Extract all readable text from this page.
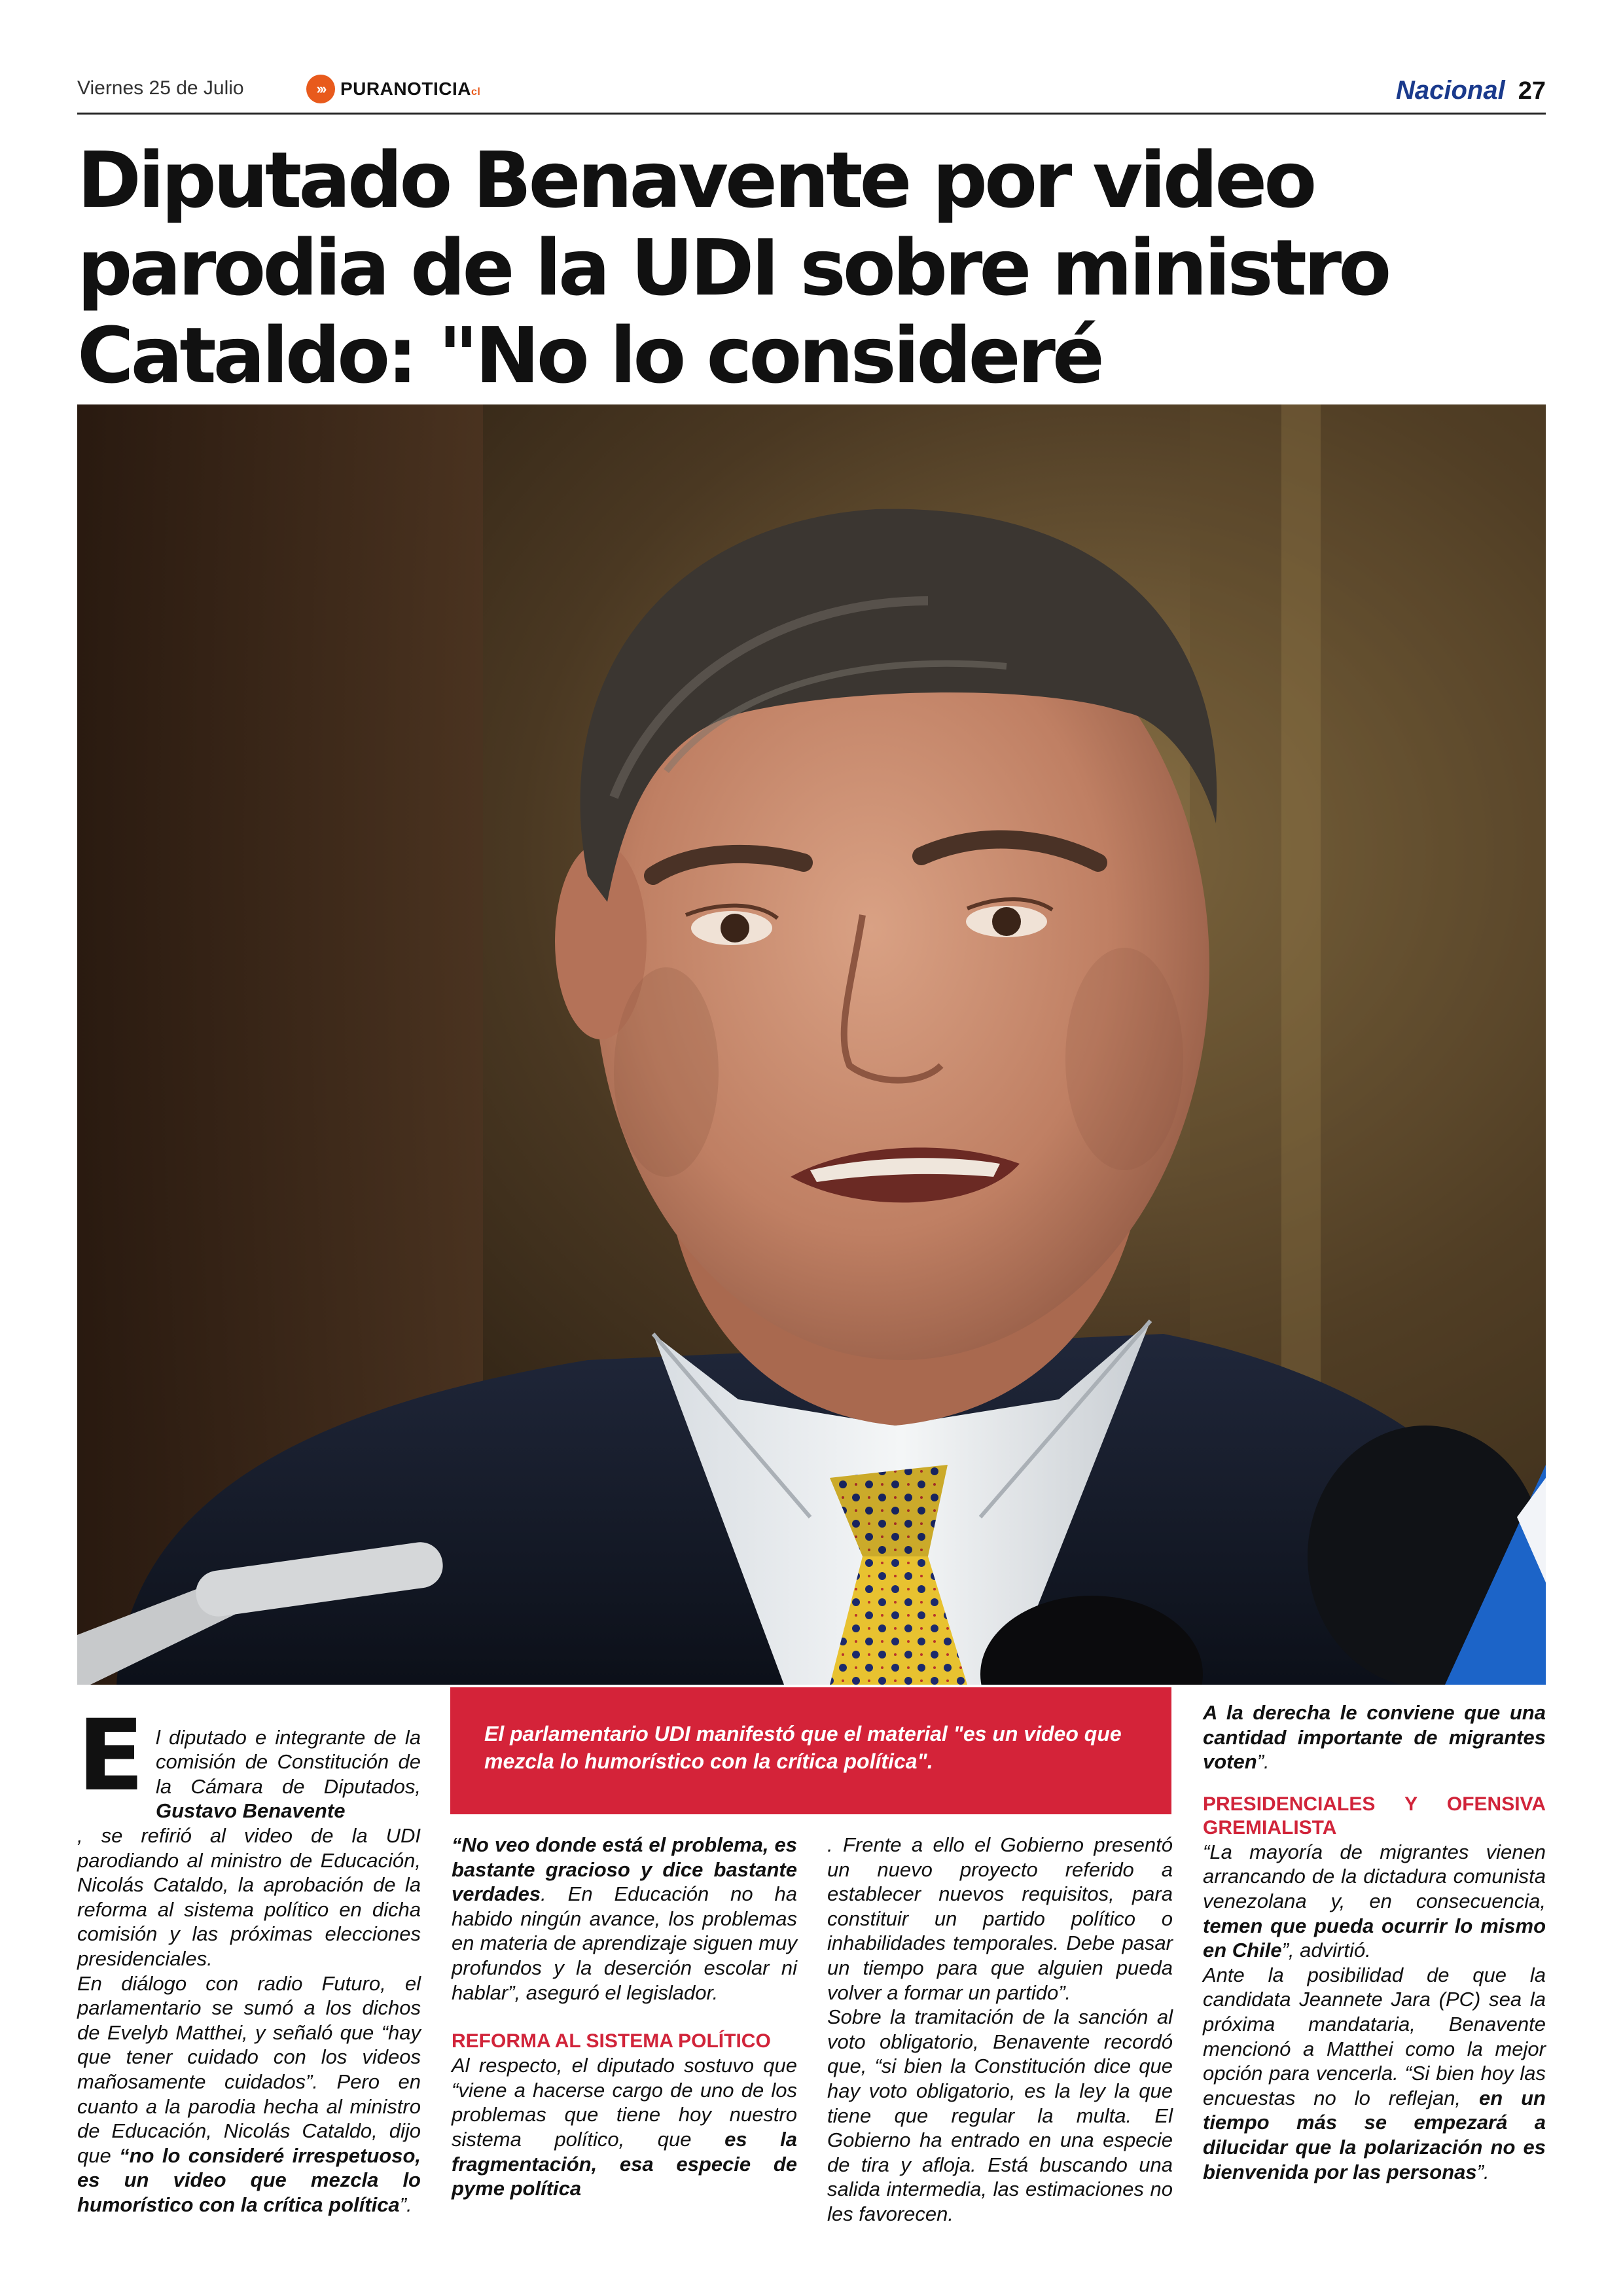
Viernes 25 de Julio	››› PURANOTICIAcl	Nacional 27
Diputado Benavente por video parodia de la UDI sobre ministro Cataldo: "No lo consideré
E l diputado e integrante de la comisión de Constitución de la Cámara de Diputados, Gustavo Benavente
, se refirió al video de la UDI parodiando al ministro de Educación, Nicolás Cataldo, la aprobación de la reforma al sistema político en dicha comisión y las próximas elecciones presidenciales.

En diálogo con radio Futuro, el parlamentario se sumó a los dichos de Evelyb Matthei, y señaló que “hay que tener cuidado con los videos mañosamente cuidados”. Pero en cuanto a la parodia hecha al ministro de Educación, Nicolás Cataldo, dijo que “no lo consideré irrespetuoso, es un video que mezcla lo humorístico con la crítica política”.

El parlamentario UDI manifestó que el material "es un video que mezcla lo humorístico con la crítica política".

“No veo donde está el problema, es bastante gracioso y dice bastante verdades. En Educación no ha habido ningún avance, los problemas en materia de aprendizaje siguen muy profundos y la deserción escolar ni hablar”, aseguró el legislador.

REFORMA AL SISTEMA POLÍTICO

Al respecto, el diputado sostuvo que “viene a hacerse cargo de uno de los problemas que tiene hoy nuestro sistema político, que es la fragmentación, esa especie de pyme política

. Frente a ello el Gobierno presentó un nuevo proyecto referido a establecer nuevos requisitos, para constituir un partido político o inhabilidades temporales. Debe pasar un tiempo para que alguien pueda volver a formar un partido”.

Sobre la tramitación de la sanción al voto obligatorio, Benavente recordó que, “si bien la Constitución dice que hay voto obligatorio, es la ley la que tiene que regular la multa. El Gobierno ha entrado en una especie de tira y afloja. Está buscando una salida intermedia, las estimaciones no les favorecen.

A la derecha le conviene que una cantidad importante de migrantes voten”.

PRESIDENCIALES Y OFENSIVA GREMIALISTA

“La mayoría de migrantes vienen arrancando de la dictadura comunista venezolana y, en consecuencia, temen que pueda ocurrir lo mismo en Chile”, advirtió.

Ante la posibilidad de que la candidata Jeannete Jara (PC) sea la próxima mandataria, Benavente mencionó a Matthei como la mejor opción para vencerla. “Si bien hoy las encuestas no lo reflejan, en un tiempo más se empezará a dilucidar que la polarización no es bienvenida por las personas”.
